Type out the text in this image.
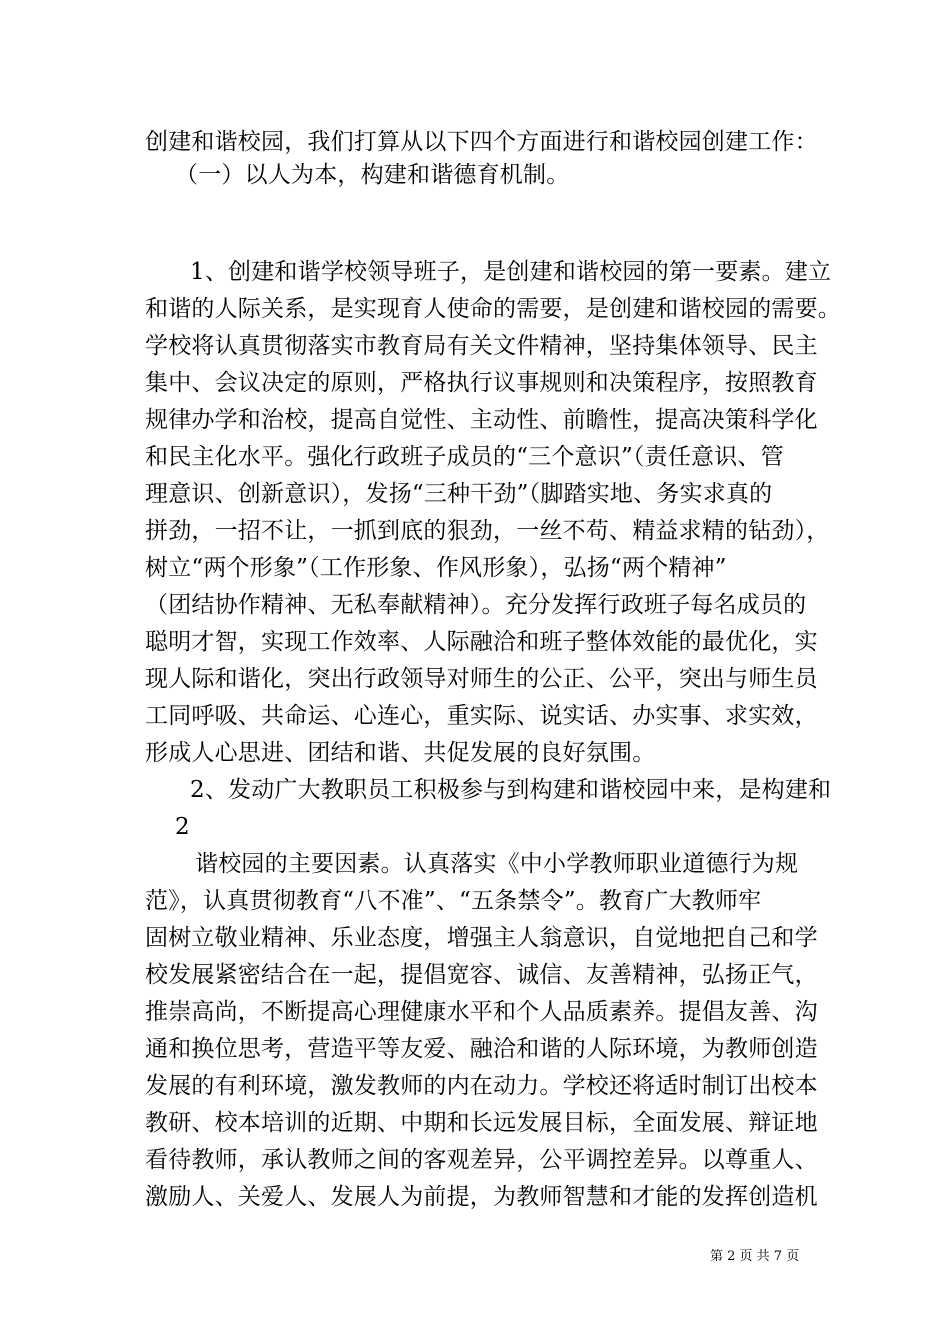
创建和谐校园，我们打算从以下四个方面进行和谐校园创建工作：
（一）以人为本，构建和谐德育机制。
1、创建和谐学校领导班子，是创建和谐校园的第一要素。建立
和谐的人际关系，是实现育人使命的需要，是创建和谐校园的需要。
学校将认真贯彻落实市教育局有关文件精神，坚持集体领导、民主
集中、会议决定的原则，严格执行议事规则和决策程序，按照教育
规律办学和治校，提高自觉性、主动性、前瞻性，提高决策科学化
和民主化水平。强化行政班子成员的“三个意识”（责任意识、管
理意识、创新意识），发扬“三种干劲”（脚踏实地、务实求真的
拼劲，一招不让，一抓到底的狠劲，一丝不苟、精益求精的钻劲），
树立“两个形象”（工作形象、作风形象），弘扬“两个精神”
（团结协作精神、无私奉献精神）。充分发挥行政班子每名成员的
聪明才智，实现工作效率、人际融洽和班子整体效能的最优化，实
现人际和谐化，突出行政领导对师生的公正、公平，突出与师生员
工同呼吸、共命运、心连心，重实际、说实话、办实事、求实效，
形成人心思进、团结和谐、共促发展的良好氛围。
2、发动广大教职员工积极参与到构建和谐校园中来，是构建和
2
谐校园的主要因素。认真落实《中小学教师职业道德行为规
范》，认真贯彻教育“八不准”、“五条禁令”。教育广大教师牢
固树立敬业精神、乐业态度，增强主人翁意识，自觉地把自己和学
校发展紧密结合在一起，提倡宽容、诚信、友善精神，弘扬正气，
推崇高尚，不断提高心理健康水平和个人品质素养。提倡友善、沟
通和换位思考，营造平等友爱、融洽和谐的人际环境，为教师创造
发展的有利环境，激发教师的内在动力。学校还将适时制订出校本
教研、校本培训的近期、中期和长远发展目标，全面发展、辩证地
看待教师，承认教师之间的客观差异，公平调控差异。以尊重人、
激励人、关爱人、发展人为前提，为教师智慧和才能的发挥创造机
第 2 页 共 7 页
